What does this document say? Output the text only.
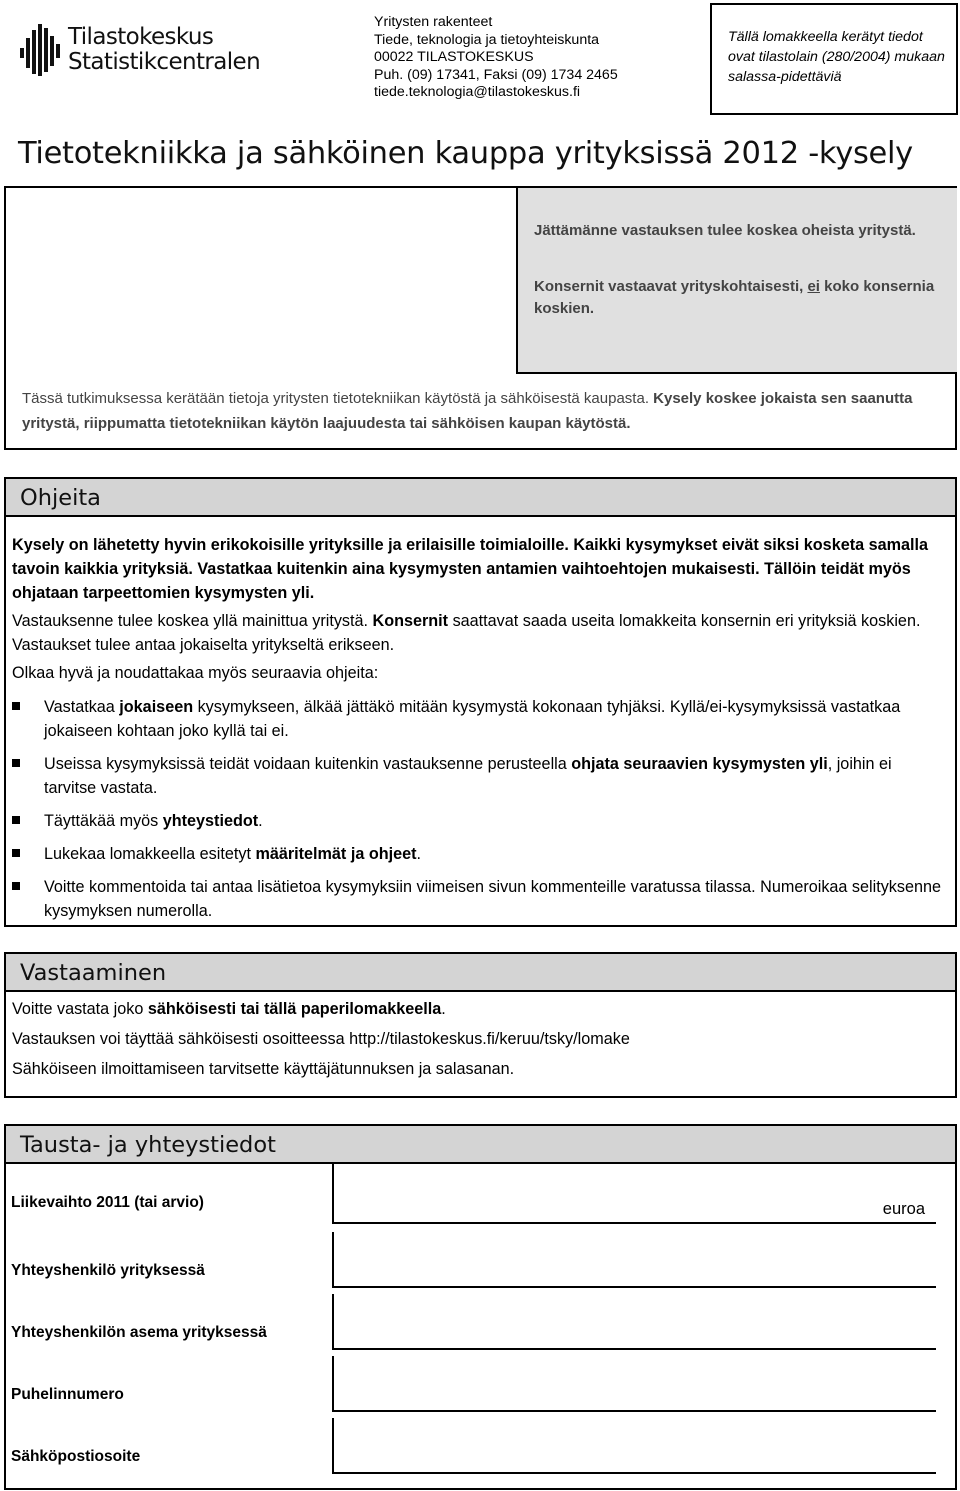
Tilastokeskus
Statistikcentralen
Yritysten rakenteet
Tiede, teknologia ja tietoyhteiskunta
00022 TILASTOKESKUS
Puh. (09) 17341, Faksi (09) 1734 2465
tiede.teknologia@tilastokeskus.fi
Tällä lomakkeella kerätyt tiedot ovat tilastolain (280/2004) mukaan salassa-pidettäviä
Tietotekniikka ja sähköinen kauppa yrityksissä 2012 -kysely

Jättämänne vastauksen tulee koskea oheista yritystä.

Konsernit vastaavat yrityskohtaisesti, ei koko konsernia koskien.

Tässä tutkimuksessa kerätään tietoja yritysten tietotekniikan käytöstä ja sähköisestä kaupasta. Kysely koskee jokaista sen saanutta yritystä, riippumatta tietotekniikan käytön laajuudesta tai sähköisen kaupan käytöstä.
Ohjeita

Kysely on lähetetty hyvin erikokoisille yrityksille ja erilaisille toimialoille. Kaikki kysymykset eivät siksi kosketa samalla tavoin kaikkia yrityksiä. Vastatkaa kuitenkin aina kysymysten antamien vaihtoehtojen mukaisesti. Tällöin teidät myös ohjataan tarpeettomien kysymysten yli.

Vastauksenne tulee koskea yllä mainittua yritystä. Konsernit saattavat saada useita lomakkeita konsernin eri yrityksiä koskien. Vastaukset tulee antaa jokaiselta yritykseltä erikseen.

Olkaa hyvä ja noudattakaa myös seuraavia ohjeita:

Vastatkaa jokaiseen kysymykseen, älkää jättäkö mitään kysymystä kokonaan tyhjäksi. Kyllä/ei-kysymyksissä vastatkaa jokaiseen kohtaan joko kyllä tai ei.
Useissa kysymyksissä teidät voidaan kuitenkin vastauksenne perusteella ohjata seuraavien kysymysten yli, joihin ei tarvitse vastata.
Täyttäkää myös yhteystiedot.
Lukekaa lomakkeella esitetyt määritelmät ja ohjeet.
Voitte kommentoida tai antaa lisätietoa kysymyksiin viimeisen sivun kommenteille varatussa tilassa. Numeroikaa selityksenne kysymyksen numerolla.
Vastaaminen

Voitte vastata joko sähköisesti tai tällä paperilomakkeella.

Vastauksen voi täyttää sähköisesti osoitteessa http://tilastokeskus.fi/keruu/tsky/lomake

Sähköiseen ilmoittamiseen tarvitsette käyttäjätunnuksen ja salasanan.

Tausta- ja yhteystiedot
Liikevaihto 2011 (tai arvio)	euroa
Yhteyshenkilö yrityksessä
Yhteyshenkilön asema yrityksessä
Puhelinnumero
Sähköpostiosoite
